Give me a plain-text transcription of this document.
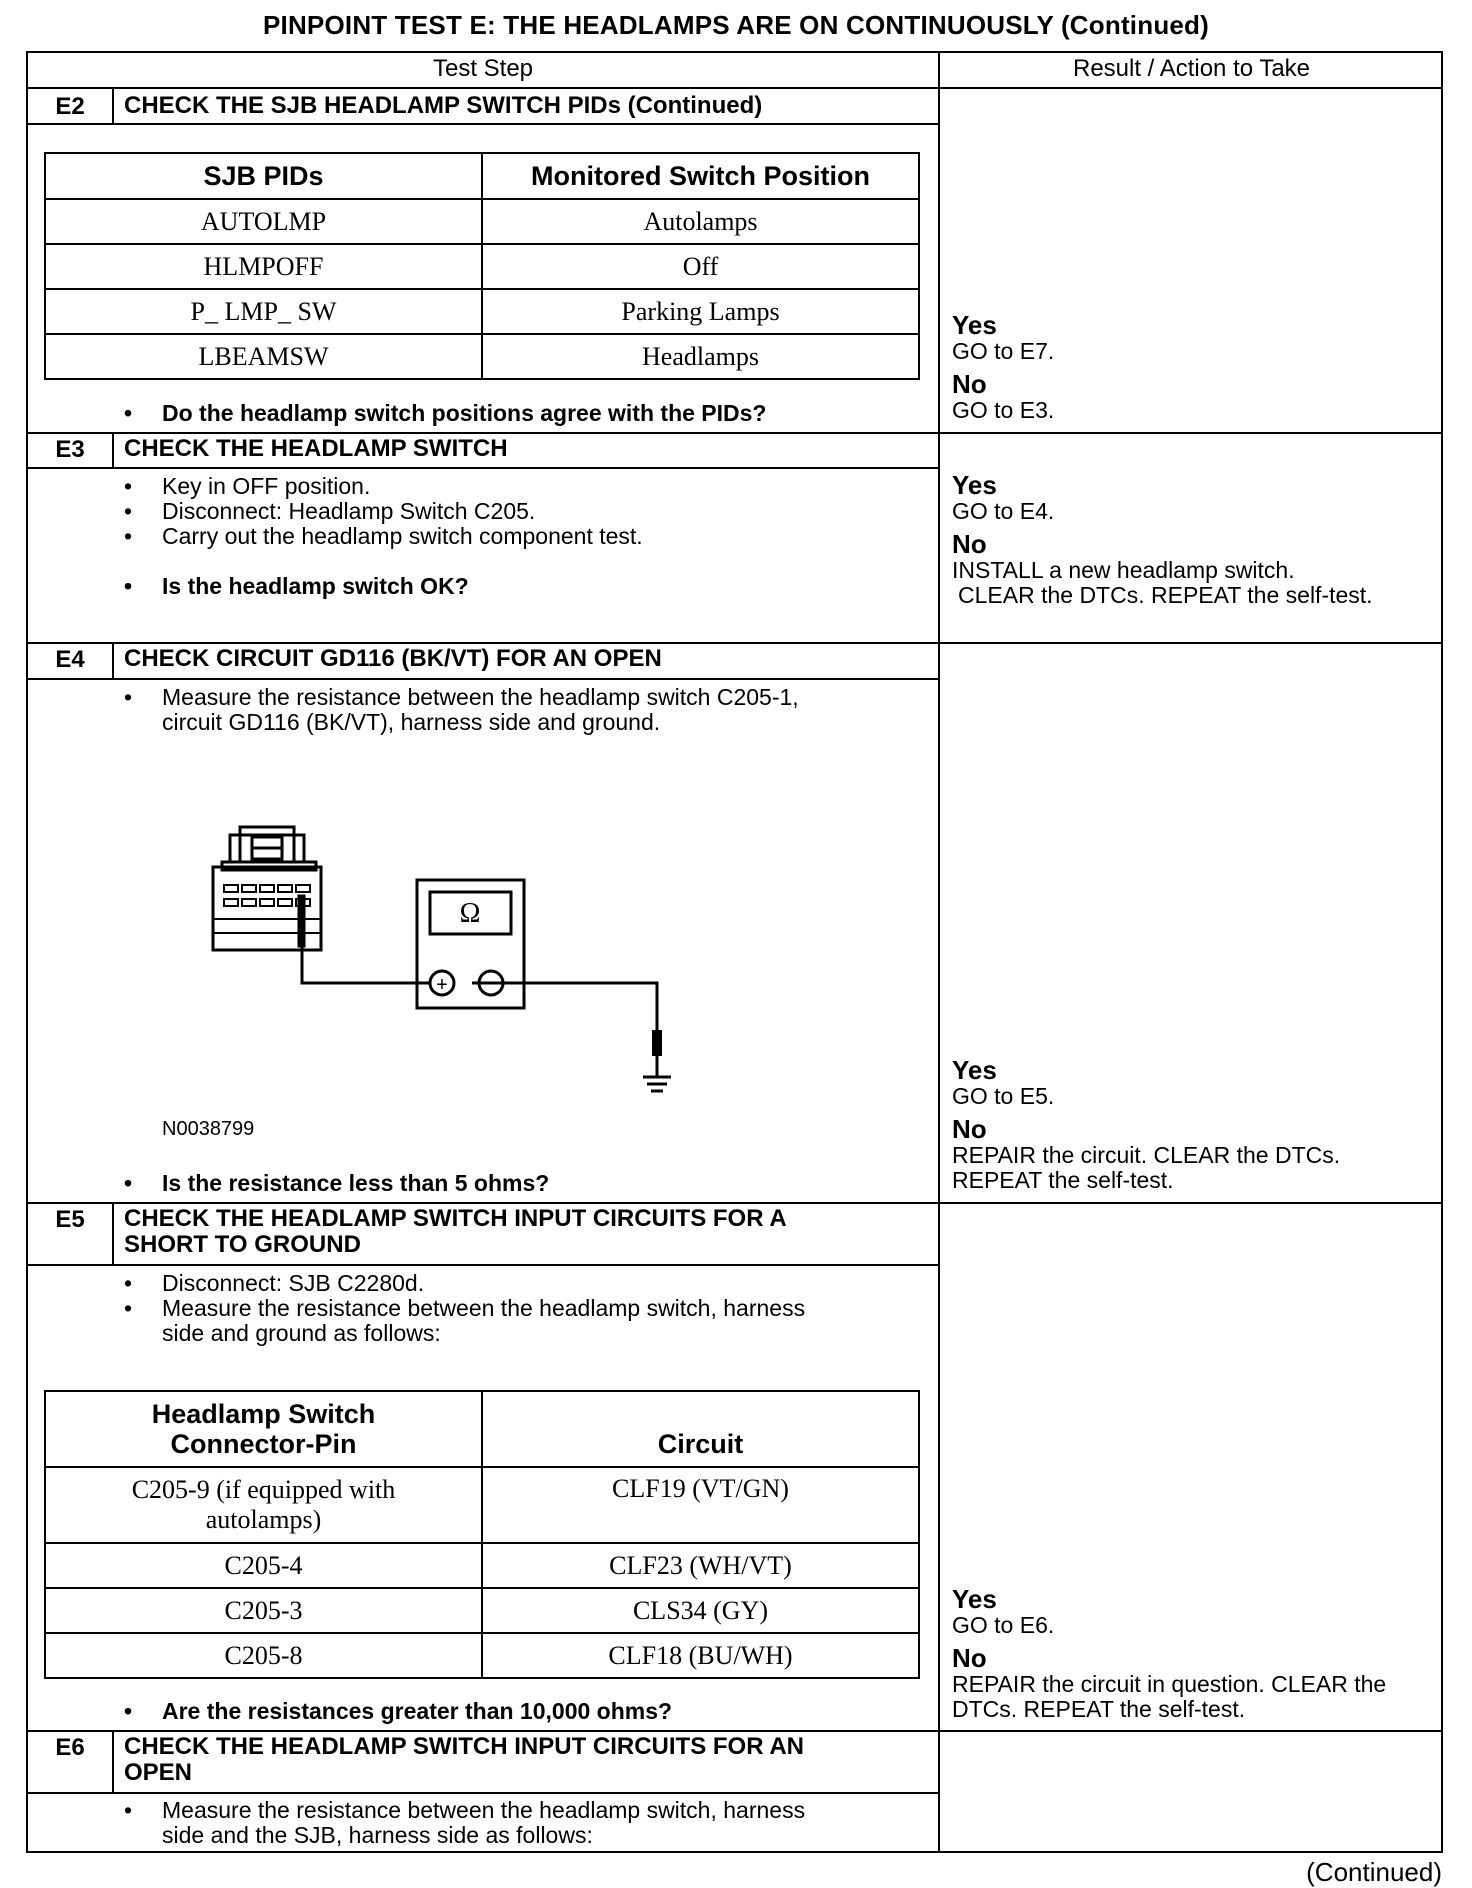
PINPOINT TEST E: THE HEADLAMPS ARE ON CONTINUOUSLY (Continued)
Test Step	Result / Action to Take
E2	CHECK THE SJB HEADLAMP SWITCH PIDs (Continued)
SJB PIDs	Monitored Switch Position
AUTOLMP	Autolamps
HLMPOFF	Off
P_ LMP_ SW	Parking Lamps
LBEAMSW	Headlamps
• Do the headlamp switch positions agree with the PIDs?
Yes
GO to E7.
No
GO to E3.
E3	CHECK THE HEADLAMP SWITCH
• Key in OFF position.
• Disconnect: Headlamp Switch C205.
• Carry out the headlamp switch component test.
• Is the headlamp switch OK?
Yes
GO to E4.
No
INSTALL a new headlamp switch.
CLEAR the DTCs. REPEAT the self-test.
E4	CHECK CIRCUIT GD116 (BK/VT) FOR AN OPEN
• Measure the resistance between the headlamp switch C205-1,
circuit GD116 (BK/VT), harness side and ground.
Ω
+
N0038799
• Is the resistance less than 5 ohms?
Yes
GO to E5.
No
REPAIR the circuit. CLEAR the DTCs.
REPEAT the self-test.
E5	CHECK THE HEADLAMP SWITCH INPUT CIRCUITS FOR A
SHORT TO GROUND
• Disconnect: SJB C2280d.
• Measure the resistance between the headlamp switch, harness
side and ground as follows:
Headlamp Switch
Connector-Pin	Circuit
C205-9 (if equipped with
autolamps)	CLF19 (VT/GN)
C205-4	CLF23 (WH/VT)
C205-3	CLS34 (GY)
C205-8	CLF18 (BU/WH)
• Are the resistances greater than 10,000 ohms?
Yes
GO to E6.
No
REPAIR the circuit in question. CLEAR the
DTCs. REPEAT the self-test.
E6	CHECK THE HEADLAMP SWITCH INPUT CIRCUITS FOR AN
OPEN
• Measure the resistance between the headlamp switch, harness
side and the SJB, harness side as follows:
(Continued)
